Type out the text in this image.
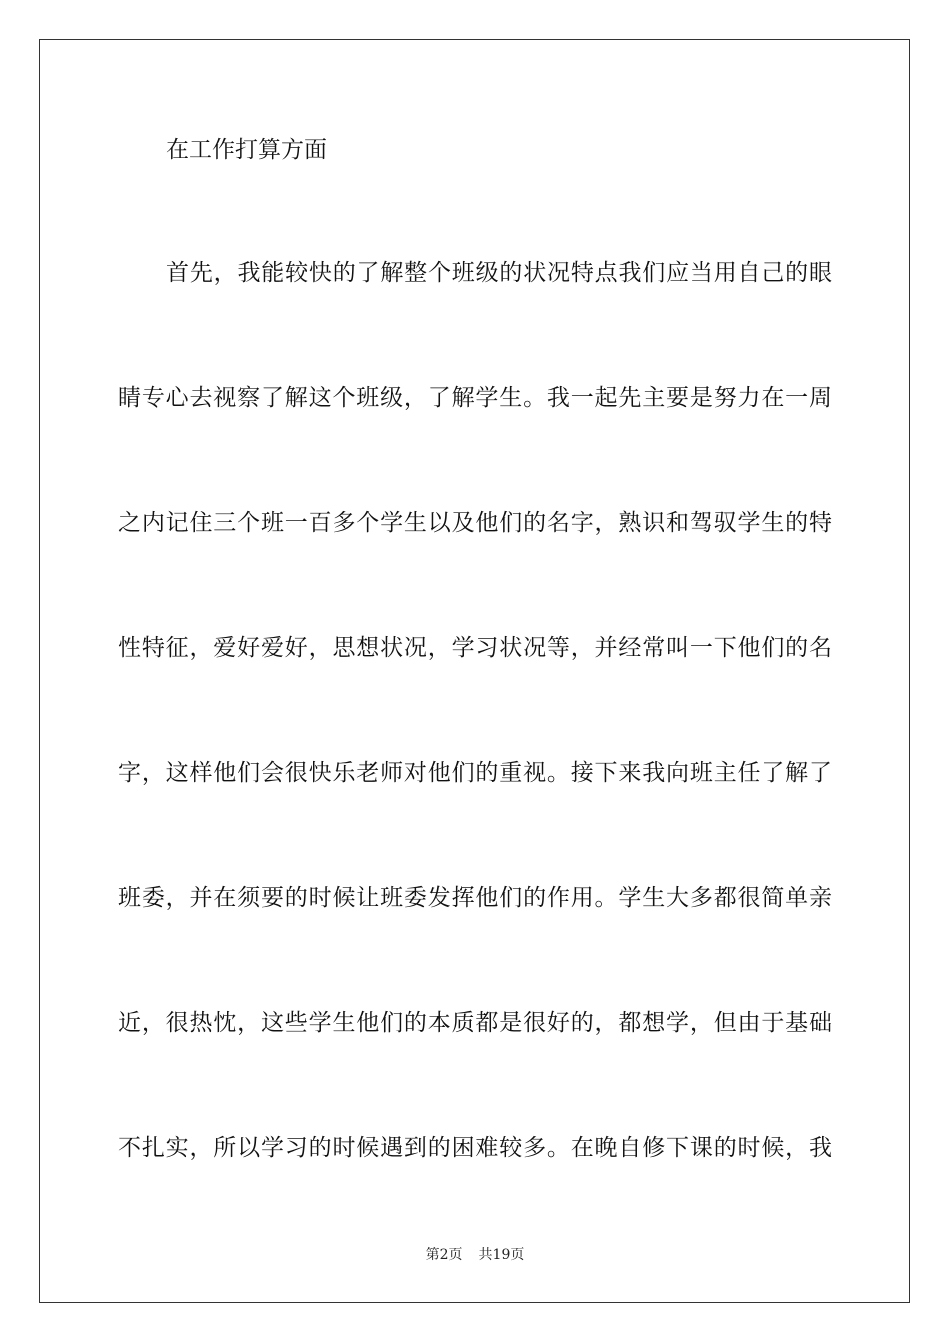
在工作打算方面
首先，我能较快的了解整个班级的状况特点我们应当用自己的眼
睛专心去视察了解这个班级，了解学生。我一起先主要是努力在一周
之内记住三个班一百多个学生以及他们的名字，熟识和驾驭学生的特
性特征，爱好爱好，思想状况，学习状况等，并经常叫一下他们的名
字，这样他们会很快乐老师对他们的重视。接下来我向班主任了解了
班委，并在须要的时候让班委发挥他们的作用。学生大多都很简单亲
近，很热忱，这些学生他们的本质都是很好的，都想学，但由于基础
不扎实，所以学习的时候遇到的困难较多。在晚自修下课的时候，我
第2页 共19页
